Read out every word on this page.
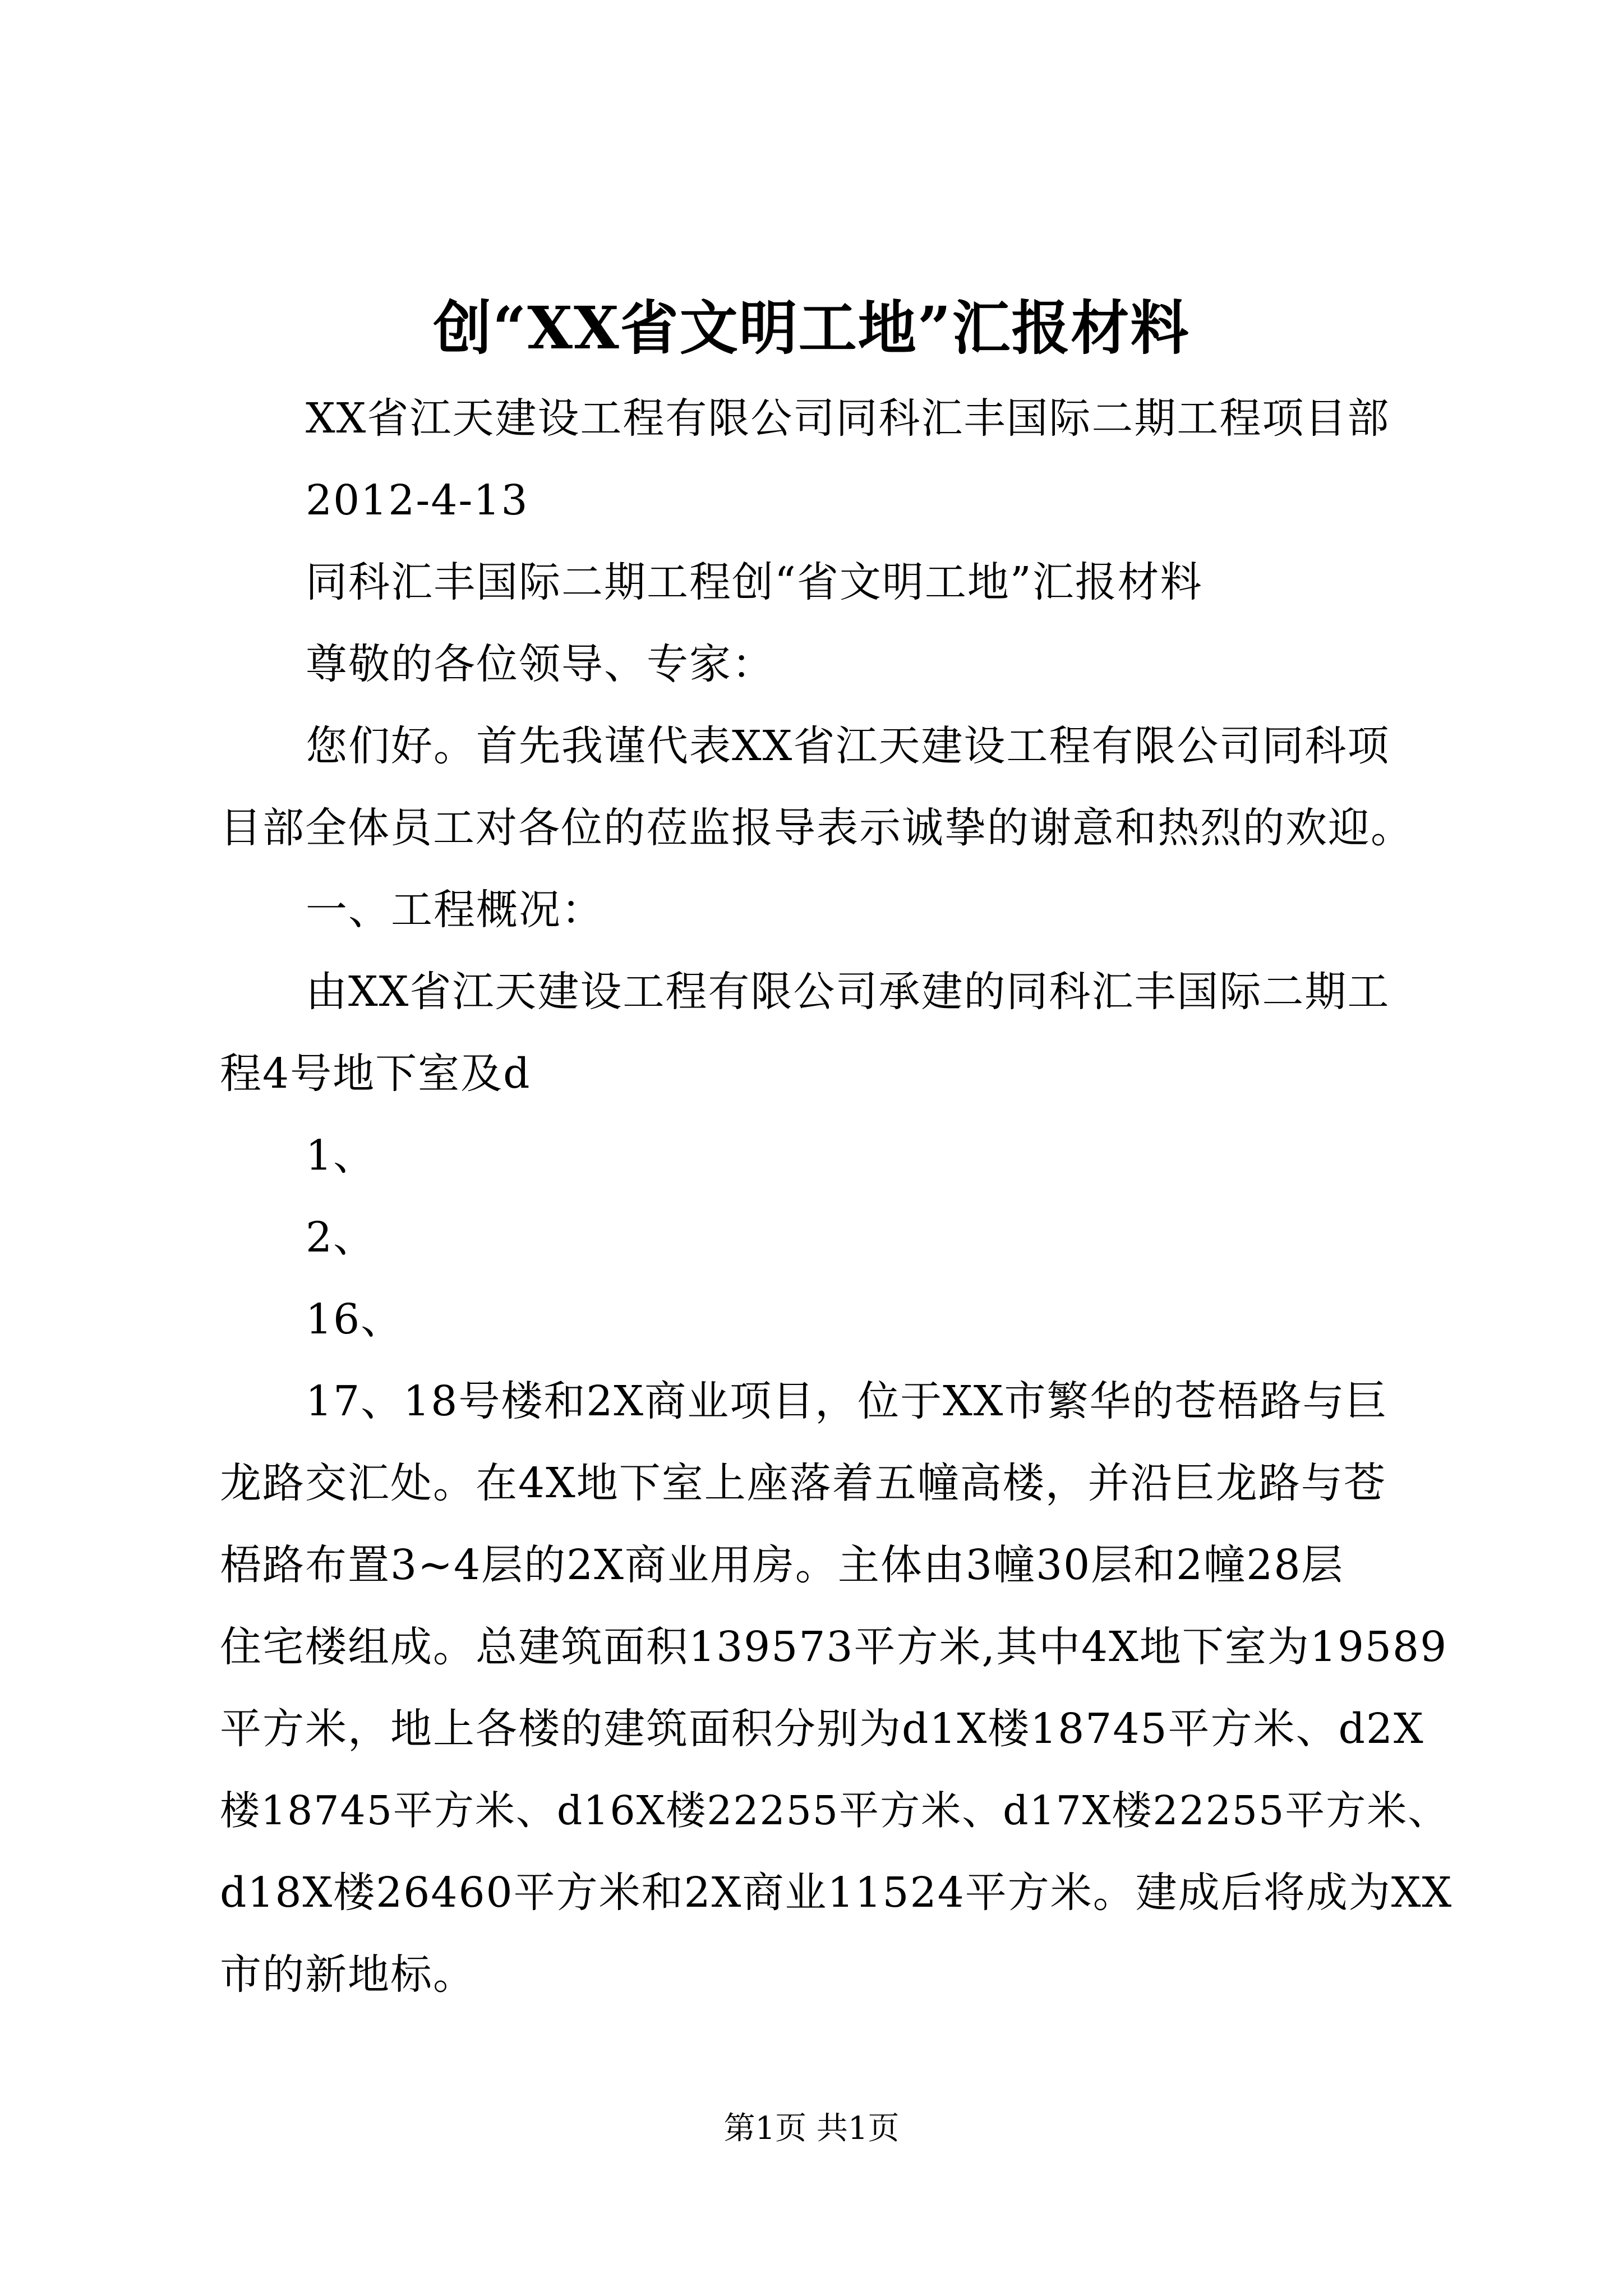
创“XX省文明工地”汇报材料
XX省江天建设工程有限公司同科汇丰国际二期工程项目部
2012-4-13
同科汇丰国际二期工程创“省文明工地”汇报材料
尊敬的各位领导、专家：
您们好。首先我谨代表XX省江天建设工程有限公司同科项
目部全体员工对各位的莅监报导表示诚挚的谢意和热烈的欢迎。
一、工程概况：
由XX省江天建设工程有限公司承建的同科汇丰国际二期工
程4号地下室及d
1、
2、
16、
17、18号楼和2X商业项目，位于XX市繁华的苍梧路与巨
龙路交汇处。在4X地下室上座落着五幢高楼，并沿巨龙路与苍
梧路布置3~4层的2X商业用房。主体由3幢30层和2幢28层
住宅楼组成。总建筑面积139573平方米,其中4X地下室为19589
平方米，地上各楼的建筑面积分别为d1X楼18745平方米、d2X
楼18745平方米、d16X楼22255平方米、d17X楼22255平方米、
d18X楼26460平方米和2X商业11524平方米。建成后将成为XX
市的新地标。
第1页 共1页
